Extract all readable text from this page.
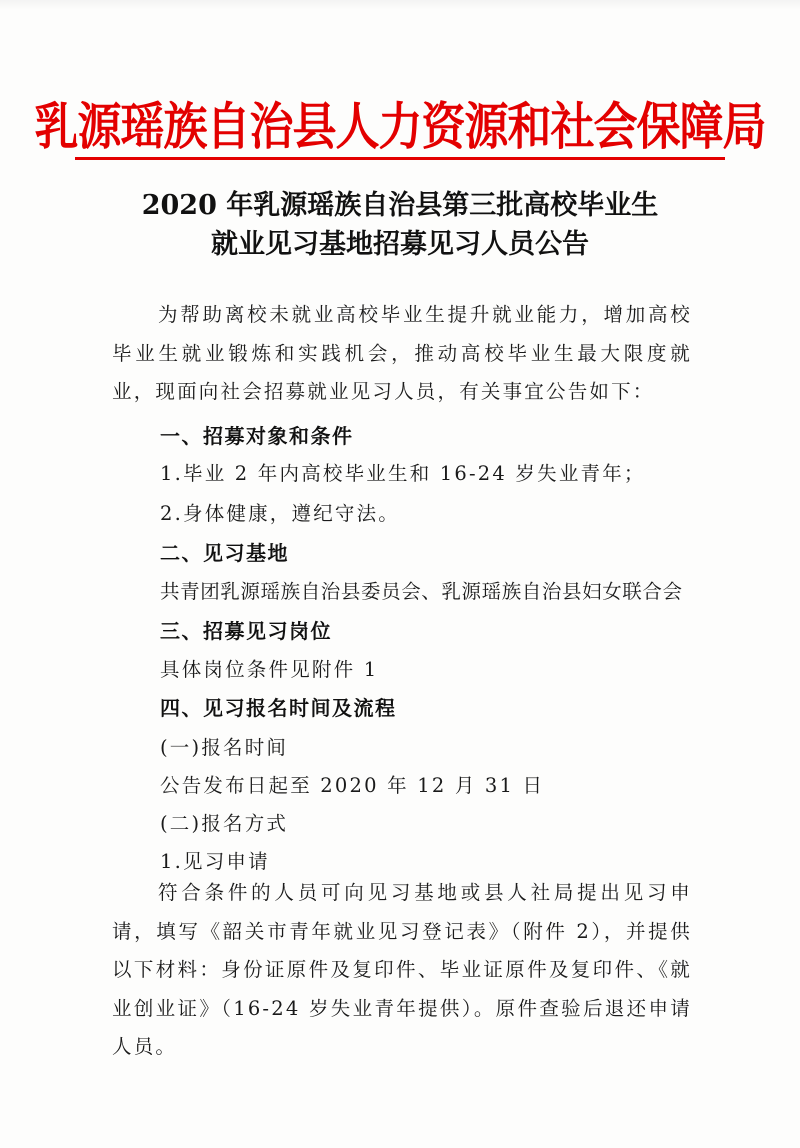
乳源瑶族自治县人力资源和社会保障局
2020 年乳源瑶族自治县第三批高校毕业生
就业见习基地招募见习人员公告
为帮助离校未就业高校毕业生提升就业能力，增加高校毕业生就业锻炼和实践机会，推动高校毕业生最大限度就业，现面向社会招募就业见习人员，有关事宜公告如下：
一、招募对象和条件
1.毕业 2 年内高校毕业生和 16-24 岁失业青年；
2.身体健康，遵纪守法。
二、见习基地
共青团乳源瑶族自治县委员会、乳源瑶族自治县妇女联合会
三、招募见习岗位
具体岗位条件见附件 1
四、见习报名时间及流程
(一)报名时间
公告发布日起至 2020 年 12 月 31 日
(二)报名方式
1.见习申请
符合条件的人员可向见习基地或县人社局提出见习申请，填写《韶关市青年就业见习登记表》（附件 2），并提供以下材料：身份证原件及复印件、毕业证原件及复印件、《就业创业证》（16-24 岁失业青年提供）。原件查验后退还申请人员。
